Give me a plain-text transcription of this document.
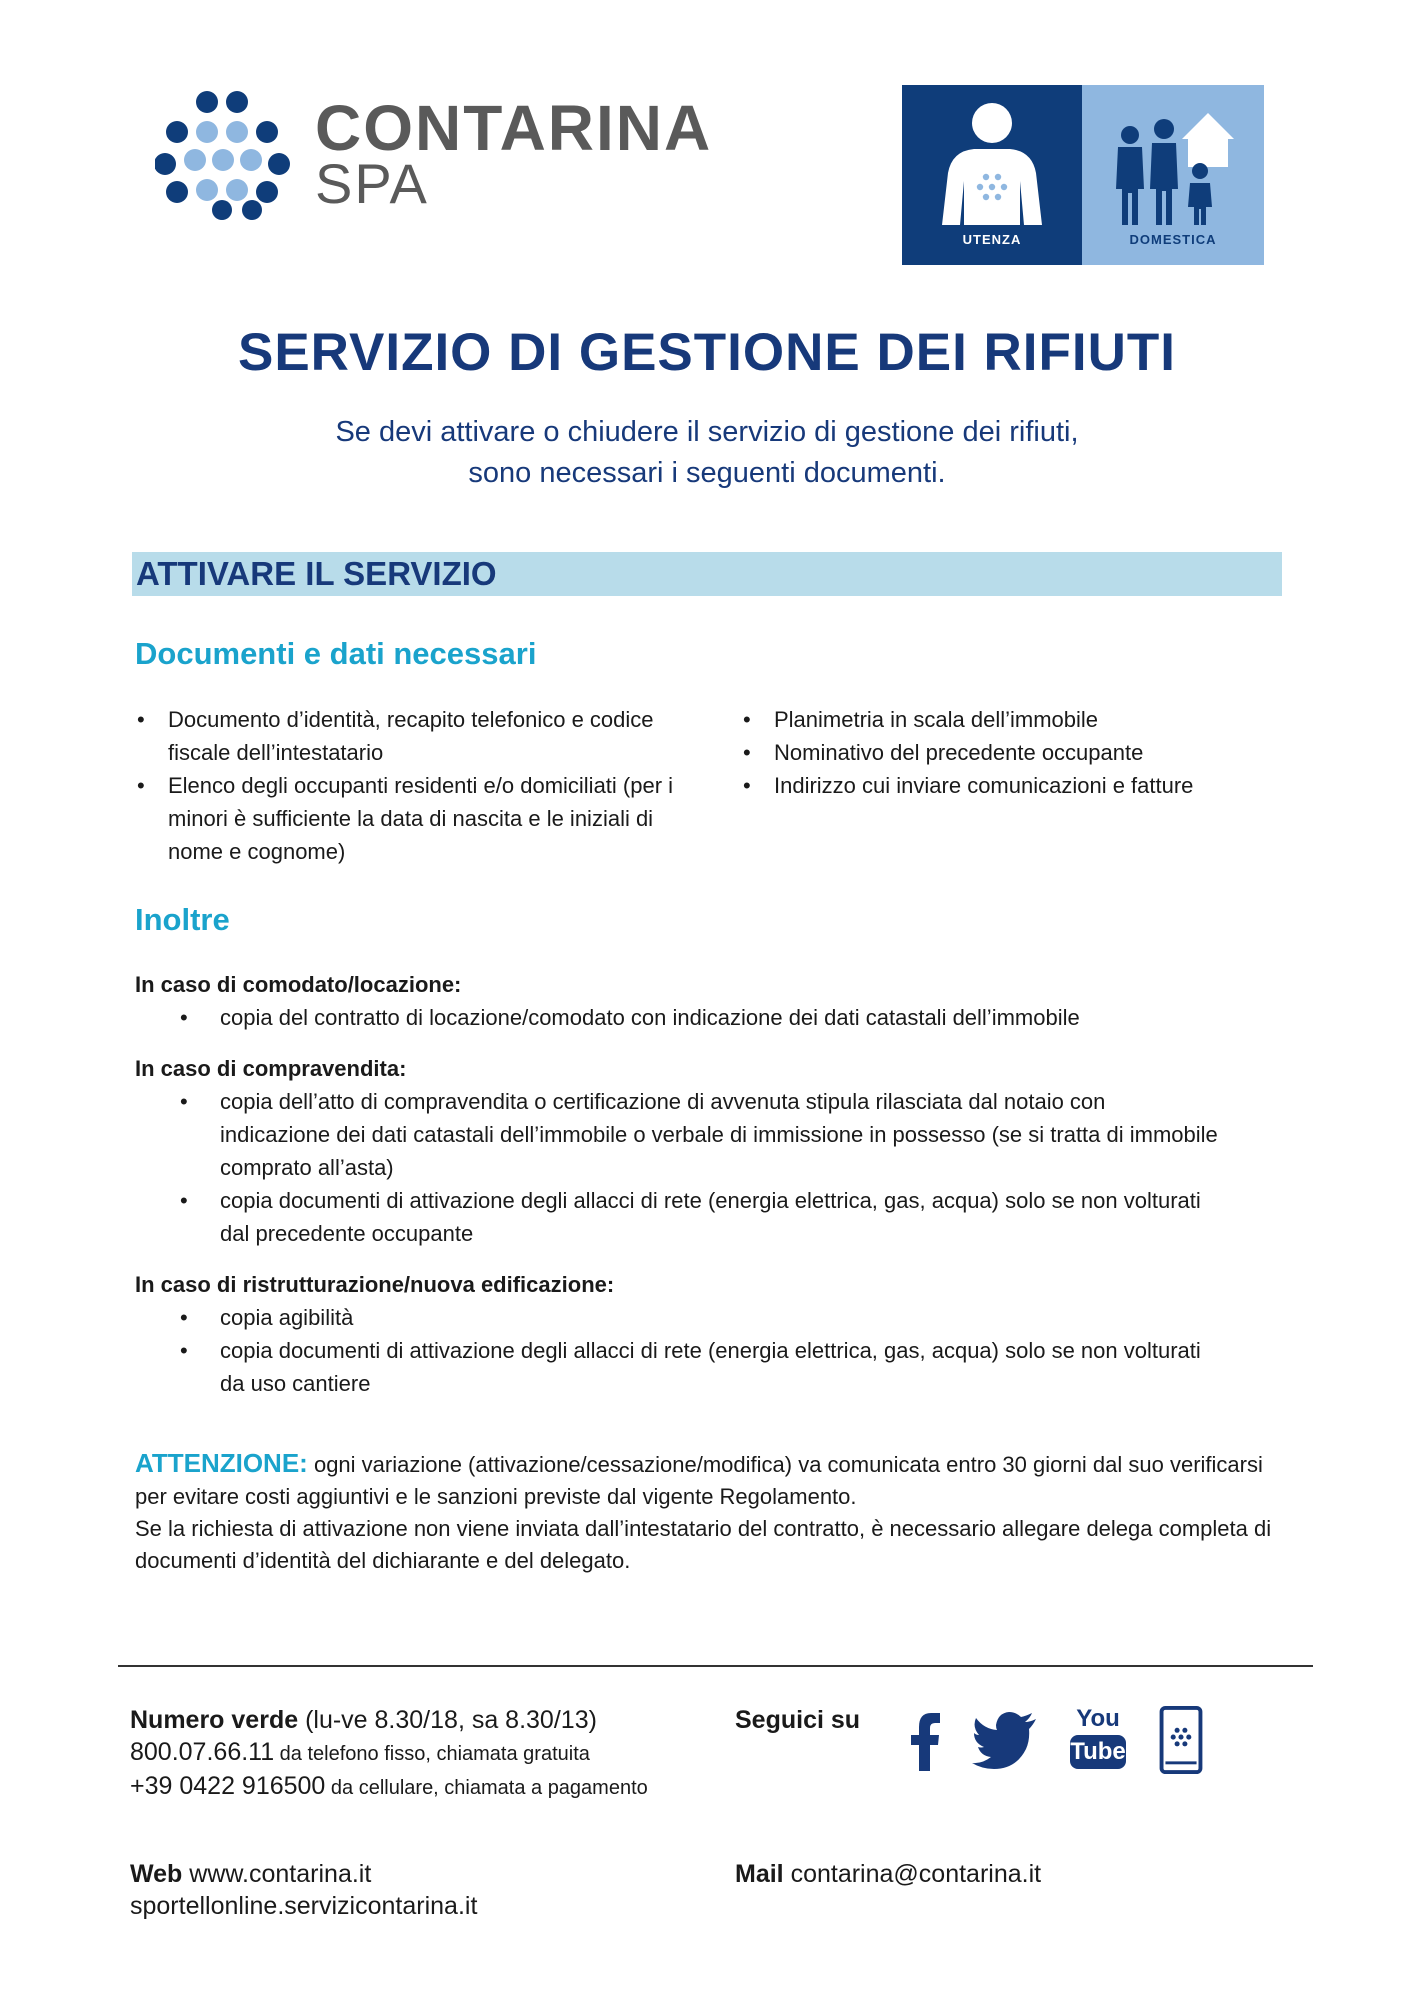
CONTARINA
SPA
UTENZA	DOMESTICA
SERVIZIO DI GESTIONE DEI RIFIUTI
Se devi attivare o chiudere il servizio di gestione dei rifiuti,
sono necessari i seguenti documenti.
ATTIVARE IL SERVIZIO
Documenti e dati necessari
• Documento d’identità, recapito telefonico e codice fiscale dell’intestatario
• Elenco degli occupanti residenti e/o domiciliati (per i minori è sufficiente la data di nascita e le iniziali di nome e cognome)
• Planimetria in scala dell’immobile
• Nominativo del precedente occupante
• Indirizzo cui inviare comunicazioni e fatture
Inoltre
In caso di comodato/locazione:
• copia del contratto di locazione/comodato con indicazione dei dati catastali dell’immobile
In caso di compravendita:
• copia dell’atto di compravendita o certificazione di avvenuta stipula rilasciata dal notaio con indicazione dei dati catastali dell’immobile o verbale di immissione in possesso (se si tratta di immobile comprato all’asta)
• copia documenti di attivazione degli allacci di rete (energia elettrica, gas, acqua) solo se non volturati dal precedente occupante
In caso di ristrutturazione/nuova edificazione:
• copia agibilità
• copia documenti di attivazione degli allacci di rete (energia elettrica, gas, acqua) solo se non volturati da uso cantiere
ATTENZIONE: ogni variazione (attivazione/cessazione/modifica) va comunicata entro 30 giorni dal suo verificarsi per evitare costi aggiuntivi e le sanzioni previste dal vigente Regolamento.
Se la richiesta di attivazione non viene inviata dall’intestatario del contratto, è necessario allegare delega completa di documenti d’identità del dichiarante e del delegato.
Numero verde (lu-ve 8.30/18, sa 8.30/13)
800.07.66.11 da telefono fisso, chiamata gratuita
+39 0422 916500 da cellulare, chiamata a pagamento
Seguici su	You
Tube
Web www.contarina.it
sportellonline.servizicontarina.it
Mail contarina@contarina.it
